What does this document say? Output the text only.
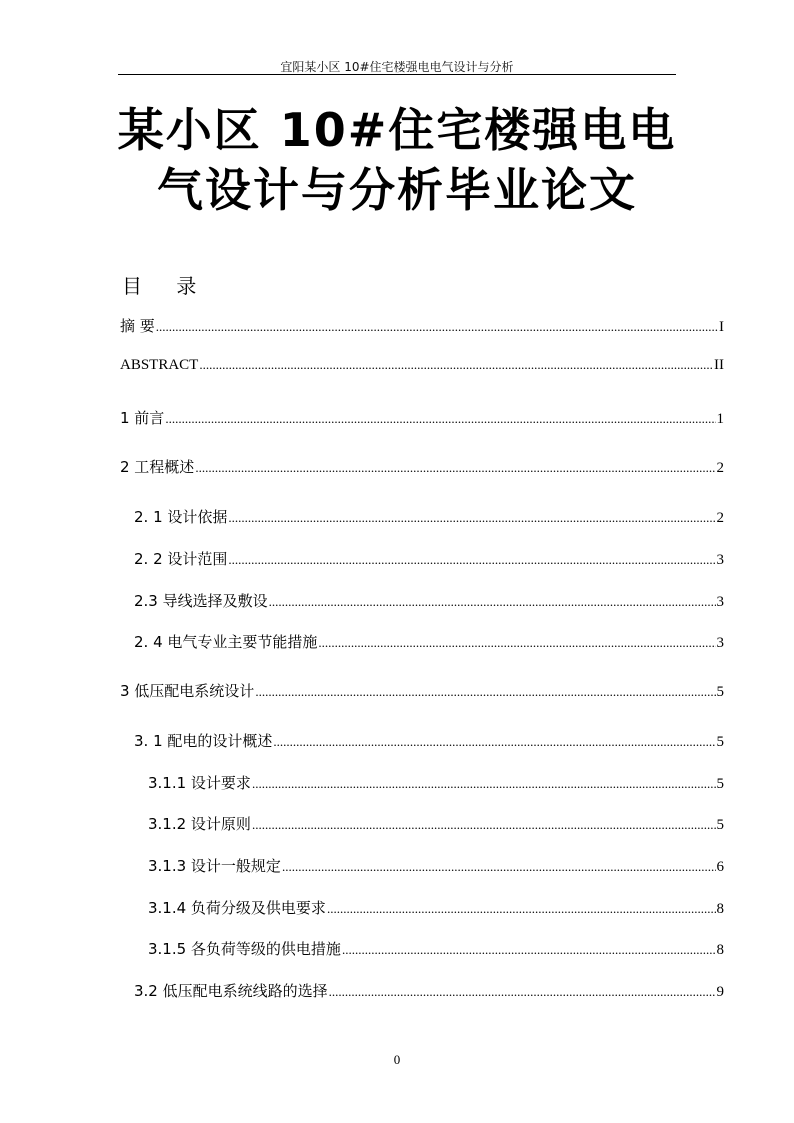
宜阳某小区 10#住宅楼强电电气设计与分析
某小区 10#住宅楼强电电
气设计与分析毕业论文
目 录
摘 要 .....	I
ABSTRACT .....	II
1 前言 .....	1
2 工程概述 .....	2
2. 1 设计依据 .....	2
2. 2 设计范围 .....	3
2.3 导线选择及敷设 .....	3
2. 4 电气专业主要节能措施 .....	3
3 低压配电系统设计 .....	5
3. 1 配电的设计概述 .....	5
3.1.1 设计要求 .....	5
3.1.2 设计原则 .....	5
3.1.3 设计一般规定 .....	6
3.1.4 负荷分级及供电要求 .....	8
3.1.5 各负荷等级的供电措施 .....	8
3.2 低压配电系统线路的选择 .....	9
0
